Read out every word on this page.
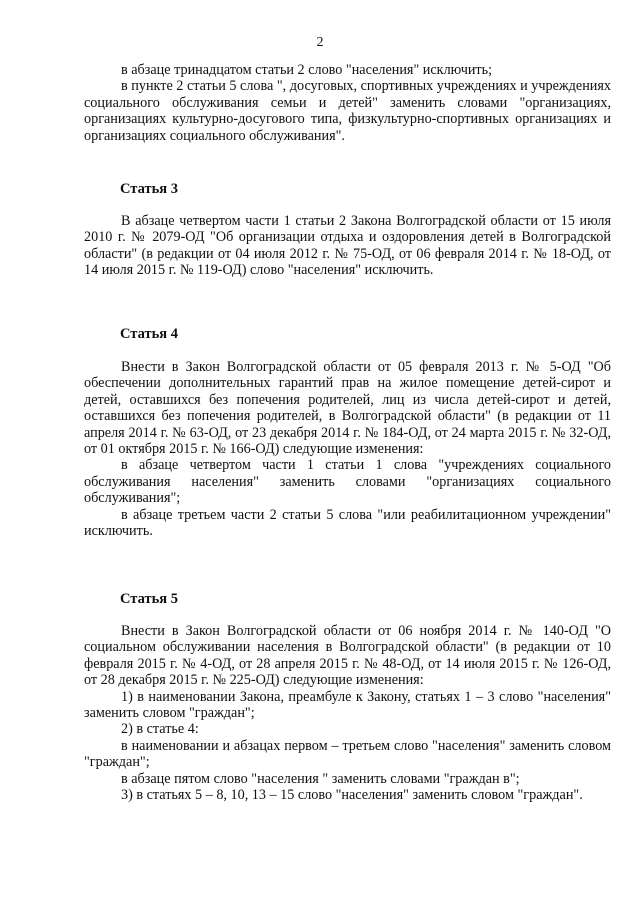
2

в абзаце тринадцатом статьи 2 слово "населения" исключить;

в пункте 2 статьи 5 слова ", досуговых, спортивных учреждениях и учреждениях социального обслуживания семьи и детей" заменить словами "организациях, организациях культурно-досугового типа, физкультурно-спортивных организациях и организациях социального обслуживания".

Статья 3

В абзаце четвертом части 1 статьи 2 Закона Волгоградской области от 15 июля 2010 г. № 2079-ОД "Об организации отдыха и оздоровления детей в Волгоградской области" (в редакции от 04 июля 2012 г. № 75-ОД, от 06 февраля 2014 г. № 18-ОД, от 14 июля 2015 г. № 119-ОД) слово "населения" исключить.

Статья 4

Внести в Закон Волгоградской области от 05 февраля 2013 г. № 5-ОД "Об обеспечении дополнительных гарантий прав на жилое помещение детей-сирот и детей, оставшихся без попечения родителей, лиц из числа детей-сирот и детей, оставшихся без попечения родителей, в Волгоградской области" (в редакции от 11 апреля 2014 г. № 63-ОД, от 23 декабря 2014 г. № 184-ОД, от 24 марта 2015 г. № 32-ОД, от 01 октября 2015 г. № 166-ОД) следующие изменения:

в абзаце четвертом части 1 статьи 1 слова "учреждениях социального обслуживания населения" заменить словами "организациях социального обслуживания";

в абзаце третьем части 2 статьи 5 слова "или реабилитационном учреждении" исключить.

Статья 5

Внести в Закон Волгоградской области от 06 ноября 2014 г. № 140-ОД "О социальном обслуживании населения в Волгоградской области" (в редакции от 10 февраля 2015 г. № 4-ОД, от 28 апреля 2015 г. № 48-ОД, от 14 июля 2015 г. № 126-ОД, от 28 декабря 2015 г. № 225-ОД) следующие изменения:

1) в наименовании Закона, преамбуле к Закону, статьях 1 – 3 слово "населения" заменить словом "граждан";

2) в статье 4:

в наименовании и абзацах первом – третьем слово "населения" заменить словом "граждан";

в абзаце пятом слово "населения " заменить словами "граждан в";

3) в статьях 5 – 8, 10, 13 – 15 слово "населения" заменить словом "граждан".
